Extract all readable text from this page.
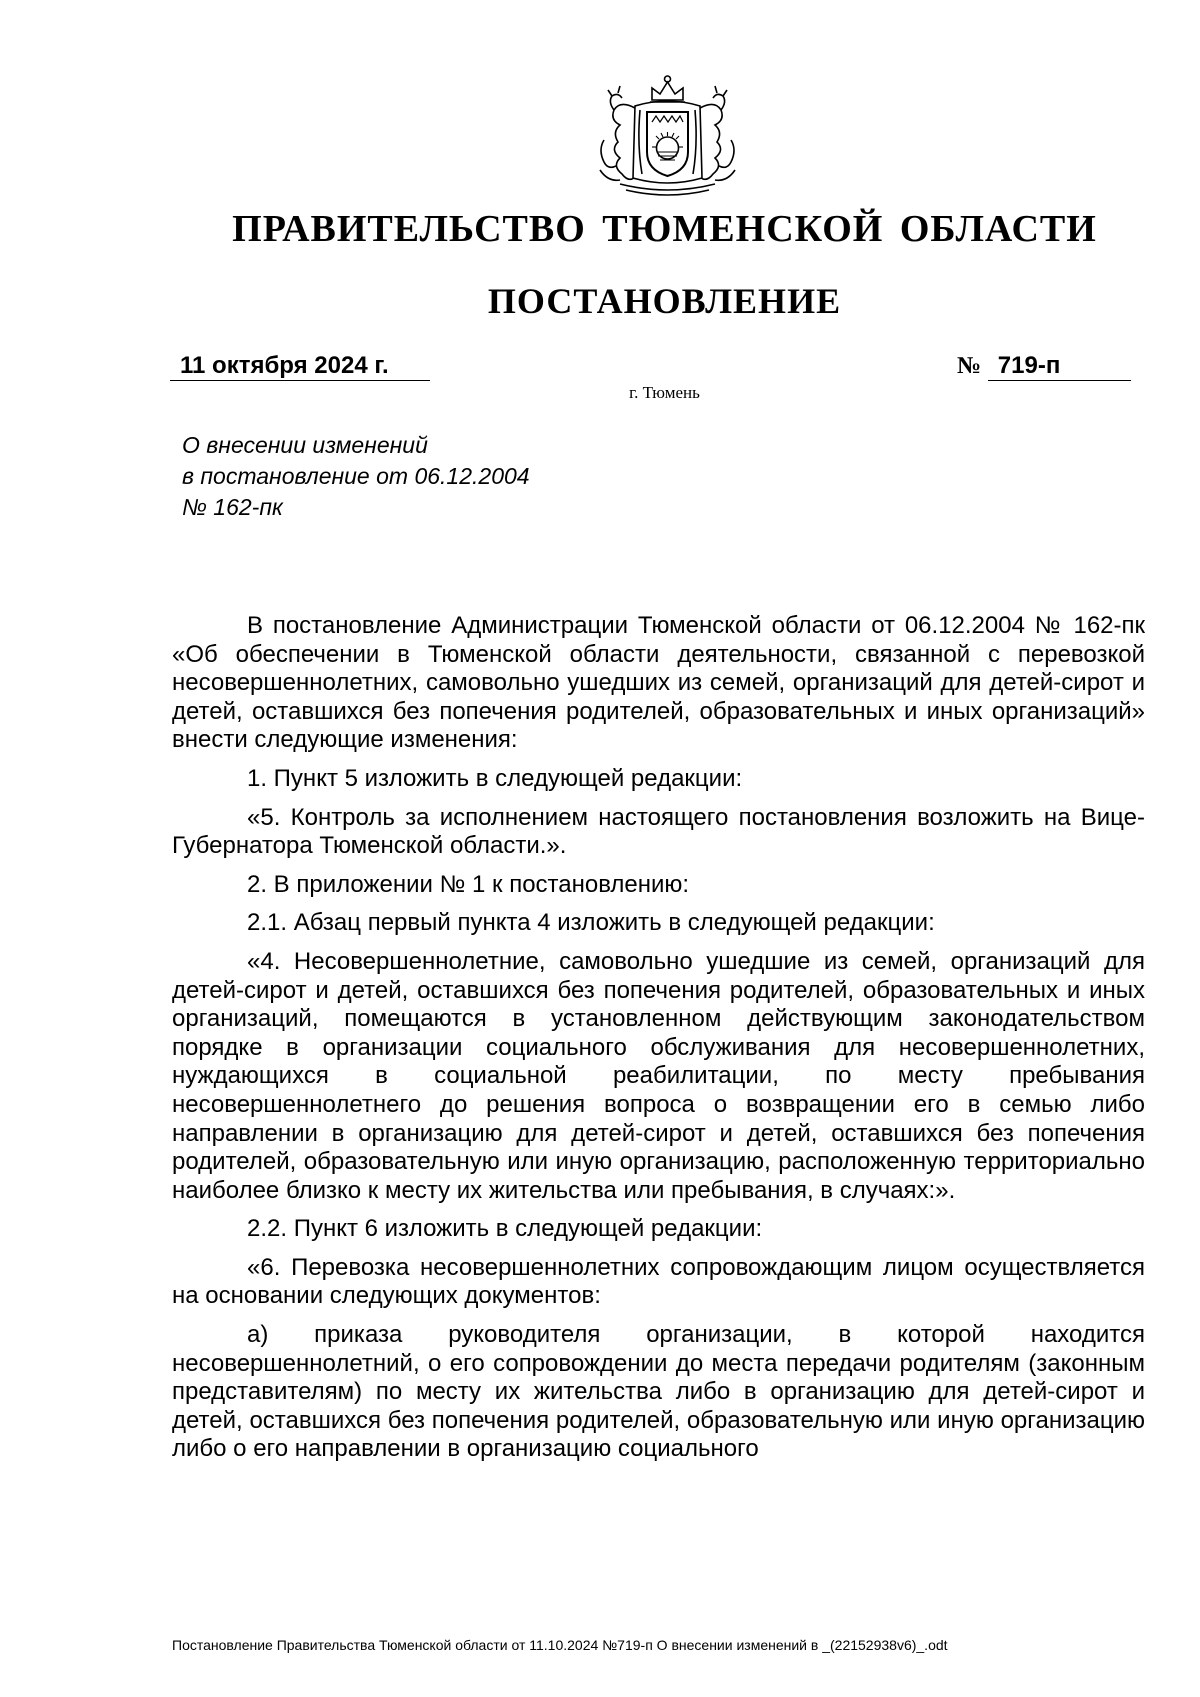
ПРАВИТЕЛЬСТВО ТЮМЕНСКОЙ ОБЛАСТИ
ПОСТАНОВЛЕНИЕ
11 октября 2024 г.	№ 719-п
г. Тюмень
О внесении изменений
в постановление от 06.12.2004
№ 162-пк

В постановление Администрации Тюменской области от 06.12.2004 № 162-пк «Об обеспечении в Тюменской области деятельности, связанной с перевозкой несовершеннолетних, самовольно ушедших из семей, организаций для детей-сирот и детей, оставшихся без попечения родителей, образовательных и иных организаций» внести следующие изменения:

1. Пункт 5 изложить в следующей редакции:

«5. Контроль за исполнением настоящего постановления возложить на Вице-Губернатора Тюменской области.».

2. В приложении № 1 к постановлению:

2.1. Абзац первый пункта 4 изложить в следующей редакции:

«4. Несовершеннолетние, самовольно ушедшие из семей, организаций для детей-сирот и детей, оставшихся без попечения родителей, образовательных и иных организаций, помещаются в установленном действующим законодательством порядке в организации социального обслуживания для несовершеннолетних, нуждающихся в социальной реабилитации, по месту пребывания несовершеннолетнего до решения вопроса о возвращении его в семью либо направлении в организацию для детей-сирот и детей, оставшихся без попечения родителей, образовательную или иную организацию, расположенную территориально наиболее близко к месту их жительства или пребывания, в случаях:».

2.2. Пункт 6 изложить в следующей редакции:

«6. Перевозка несовершеннолетних сопровождающим лицом осуществляется на основании следующих документов:

а) приказа руководителя организации, в которой находится несовершеннолетний, о его сопровождении до места передачи родителям (законным представителям) по месту их жительства либо в организацию для детей-сирот и детей, оставшихся без попечения родителей, образовательную или иную организацию либо о его направлении в организацию социального

Постановление Правительства Тюменской области от 11.10.2024 №719-п О внесении изменений в _(22152938v6)_.odt
